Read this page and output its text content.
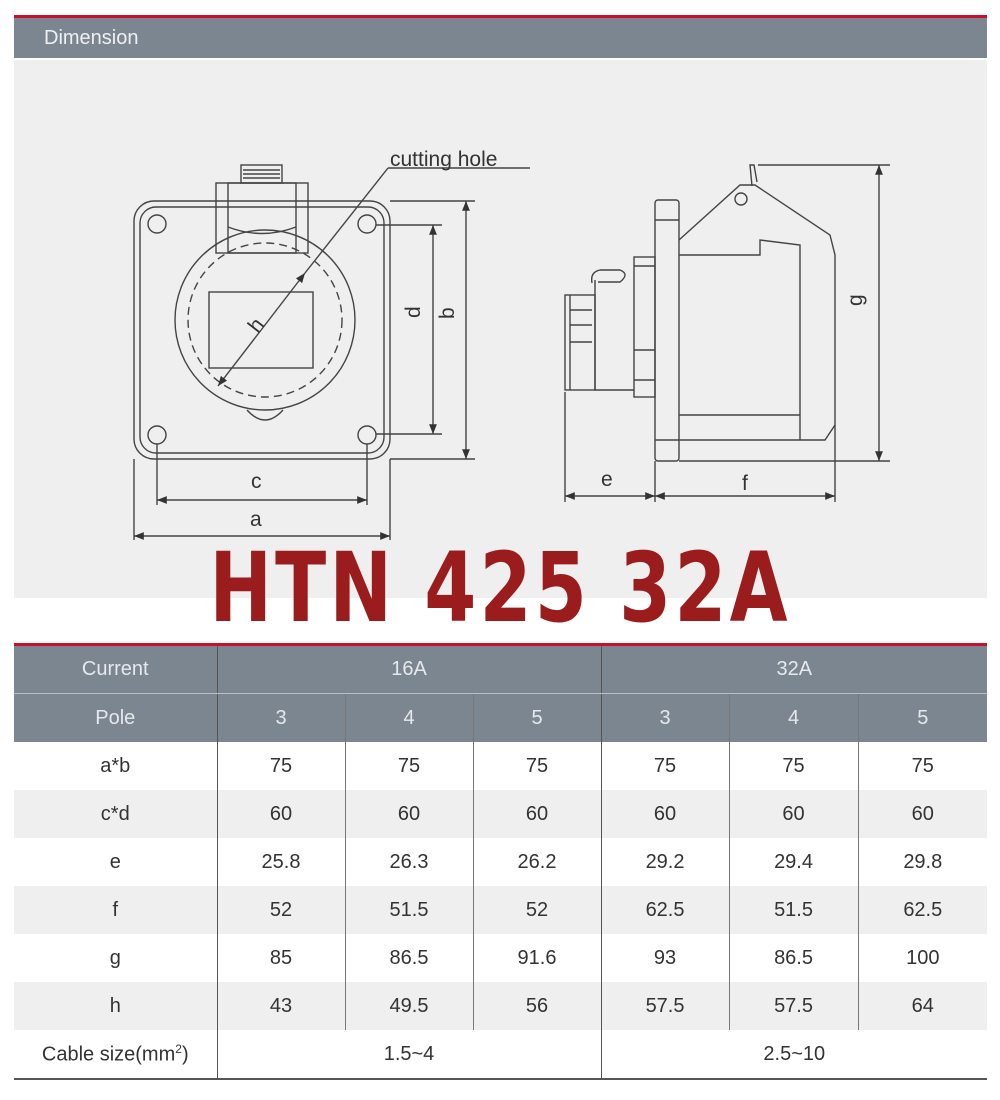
Dimension
cutting hole
h
d b
c
a
g
e	f
HTN 425 32A
Current	16A			32A		
Pole	3	4	5	3	4	5
a*b	75	75	75	75	75	75
c*d	60	60	60	60	60	60
e	25.8	26.3	26.2	29.2	29.4	29.8
f	52	51.5	52	62.5	51.5	62.5
g	85	86.5	91.6	93	86.5	100
h	43	49.5	56	57.5	57.5	64
Cable $size(mm^2)$	1.5~4			2.5~10		
